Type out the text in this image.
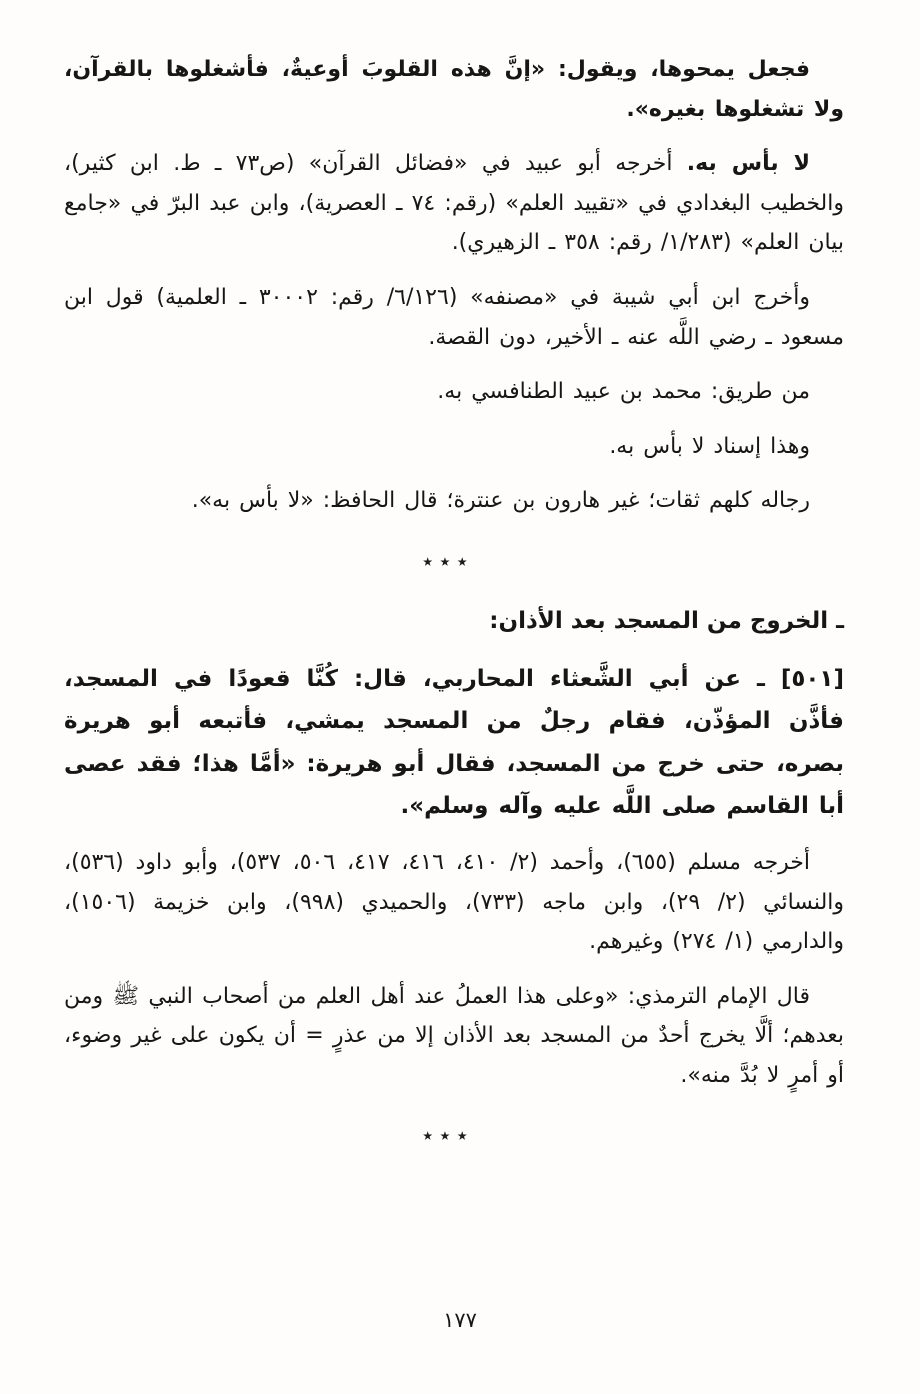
فجعل يمحوها، ويقول: «إنَّ هذه القلوبَ أوعيةٌ، فأشغلوها بالقرآن، ولا تشغلوها بغيره».

لا بأس به. أخرجه أبو عبيد في «فضائل القرآن» (ص٧٣ ـ ط. ابن كثير)، والخطيب البغدادي في «تقييد العلم» (رقم: ٧٤ ـ العصرية)، وابن عبد البرّ في «جامع بيان العلم» (١/٢٨٣/ رقم: ٣٥٨ ـ الزهيري).

وأخرج ابن أبي شيبة في «مصنفه» (٦/١٢٦/ رقم: ٣٠٠٠٢ ـ العلمية) قول ابن مسعود ـ رضي اللَّه عنه ـ الأخير، دون القصة.

من طريق: محمد بن عبيد الطنافسي به.

وهذا إسناد لا بأس به.

رجاله كلهم ثقات؛ غير هارون بن عنترة؛ قال الحافظ: «لا بأس به».

٭ ٭ ٭
ـ الخروج من المسجد بعد الأذان:

[٥٠١] ـ عن أبي الشَّعثاء المحاربي، قال: كُنَّا قعودًا في المسجد، فأذَّن المؤذّن، فقام رجلٌ من المسجد يمشي، فأتبعه أبو هريرة بصره، حتى خرج من المسجد، فقال أبو هريرة: «أمَّا هذا؛ فقد عصى أبا القاسم صلى اللَّه عليه وآله وسلم».

أخرجه مسلم (٦٥٥)، وأحمد (٢/ ٤١٠، ٤١٦، ٤١٧، ٥٠٦، ٥٣٧)، وأبو داود (٥٣٦)، والنسائي (٢/ ٢٩)، وابن ماجه (٧٣٣)، والحميدي (٩٩٨)، وابن خزيمة (١٥٠٦)، والدارمي (١/ ٢٧٤) وغيرهم.

قال الإمام الترمذي: «وعلى هذا العملُ عند أهل العلم من أصحاب النبي ﷺ ومن بعدهم؛ ألَّا يخرج أحدٌ من المسجد بعد الأذان إلا من عذرٍ = أن يكون على غير وضوء، أو أمرٍ لا بُدَّ منه».

٭ ٭ ٭
١٧٧
